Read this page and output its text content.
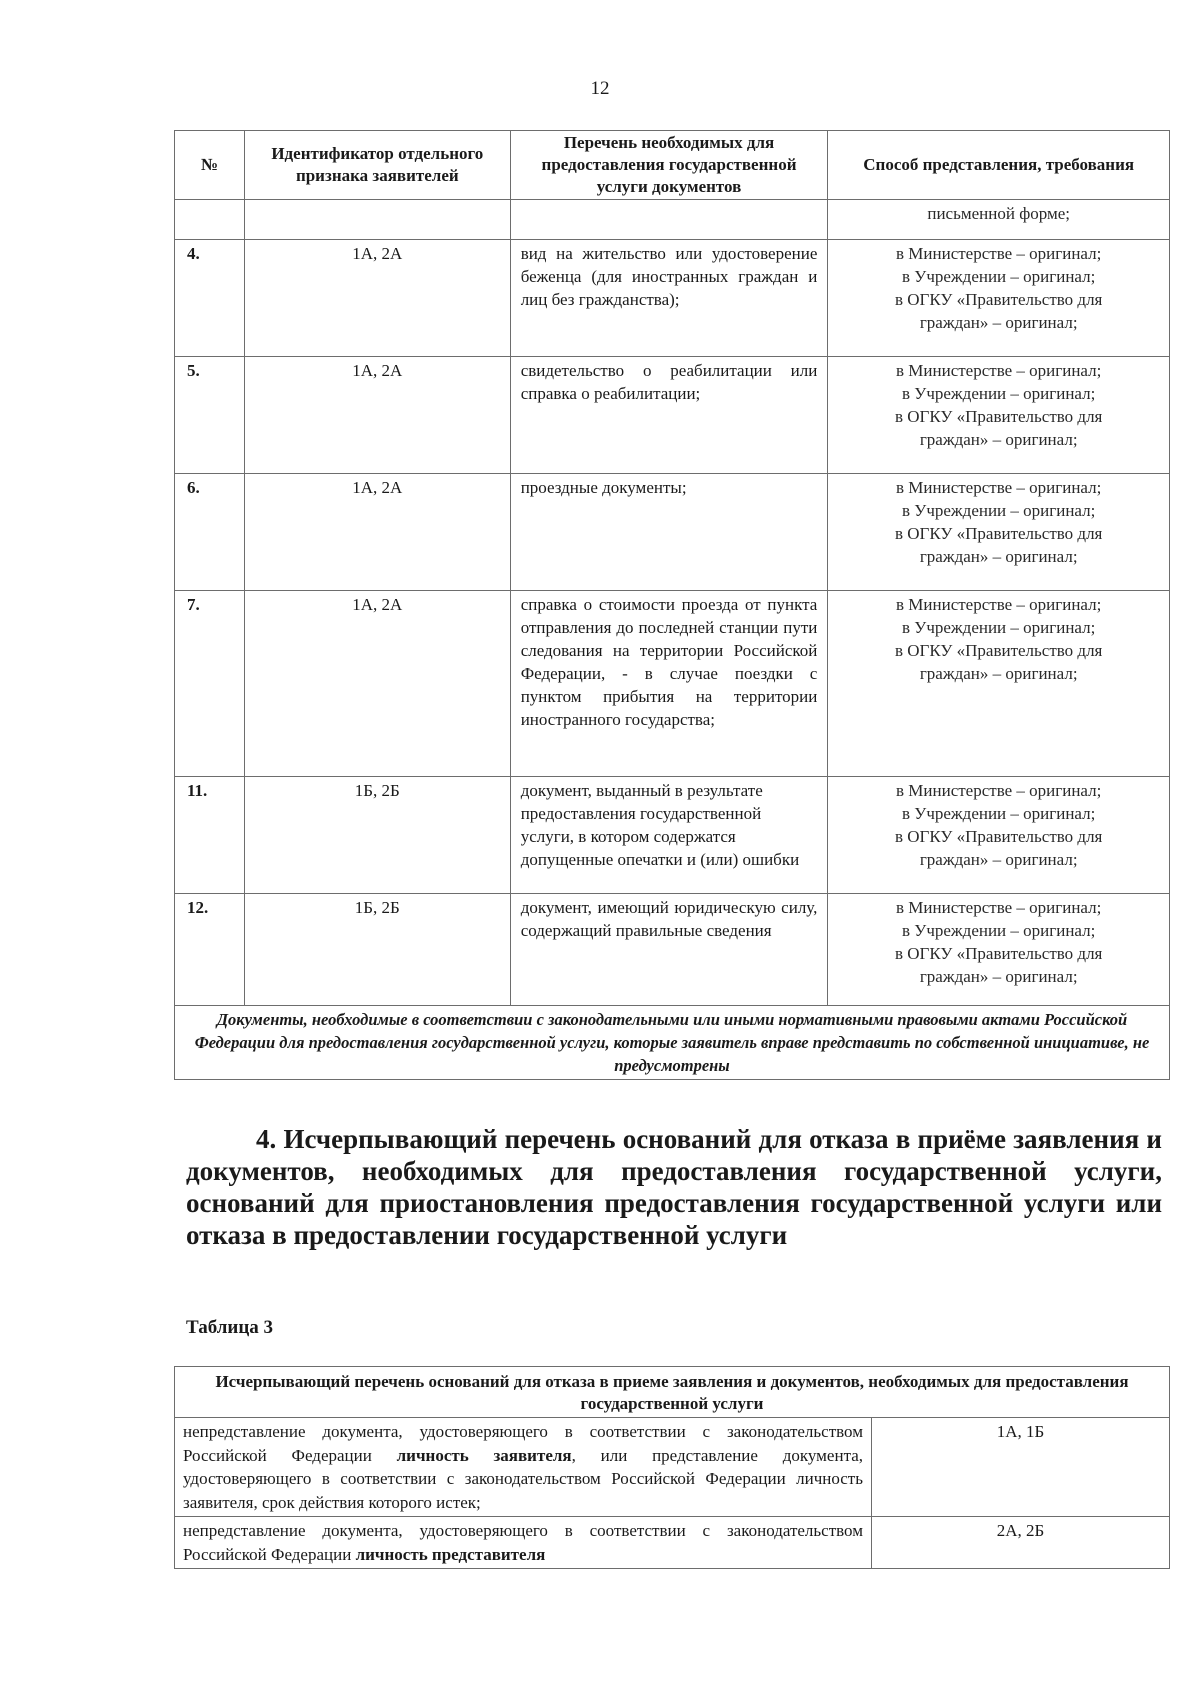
12
№	Идентификатор отдельного признака заявителей	Перечень необходимых для предоставления государственной услуги документов	Способ представления, требования
			письменной форме;
4.	1А, 2А	вид на жительство или удостоверение беженца (для иностранных граждан и лиц без гражданства);	в Министерстве – оригинал;
в Учреждении – оригинал;
в ОГКУ «Правительство для
граждан» – оригинал;

5.	1А, 2А	свидетельство о реабилитации или справка о реабилитации;	в Министерстве – оригинал;
в Учреждении – оригинал;
в ОГКУ «Правительство для
граждан» – оригинал;

6.	1А, 2А	проездные документы;	в Министерстве – оригинал;
в Учреждении – оригинал;
в ОГКУ «Правительство для
граждан» – оригинал;

7.	1А, 2А	справка о стоимости проезда от пункта отправления до последней станции пути следования на территории Российской Федерации, - в случае поездки с пунктом прибытия на территории иностранного государства;	в Министерстве – оригинал;
в Учреждении – оригинал;
в ОГКУ «Правительство для
граждан» – оригинал;

11.	1Б, 2Б	документ, выданный в результате предоставления государственной услуги, в котором содержатся допущенные опечатки и (или) ошибки	в Министерстве – оригинал;
в Учреждении – оригинал;
в ОГКУ «Правительство для
граждан» – оригинал;

12.	1Б, 2Б	документ, имеющий юридическую силу, содержащий правильные сведения	в Министерстве – оригинал;
в Учреждении – оригинал;
в ОГКУ «Правительство для
граждан» – оригинал;

Документы, необходимые в соответствии с законодательными или иными нормативными правовыми актами Российской Федерации для предоставления государственной услуги, которые заявитель вправе представить по собственной инициативе, не предусмотрены			
4. Исчерпывающий перечень оснований для отказа в приёме заявления и документов, необходимых для предоставления государственной услуги, оснований для приостановления предоставления государственной услуги или отказа в предоставлении государственной услуги
Таблица 3
Исчерпывающий перечень оснований для отказа в приеме заявления и документов, необходимых для предоставления государственной услуги	
непредставление документа, удостоверяющего в соответствии с законодательством Российской Федерации личность заявителя, или представление документа, удостоверяющего в соответствии с законодательством Российской Федерации личность заявителя, срок действия которого истек;	1А, 1Б
непредставление документа, удостоверяющего в соответствии с законодательством Российской Федерации личность представителя	2А, 2Б
